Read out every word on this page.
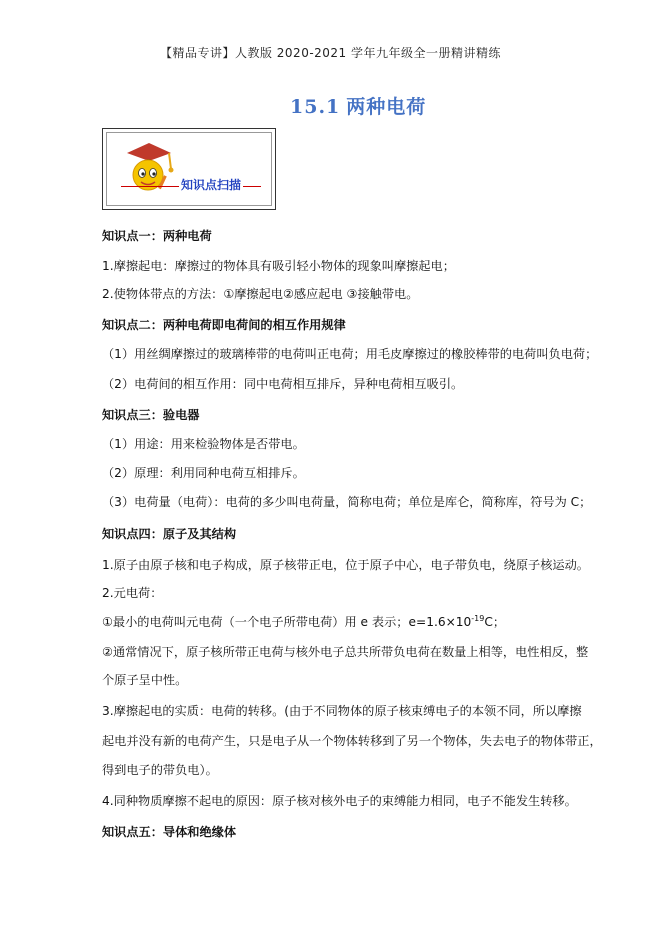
【精品专讲】人教版 2020-2021 学年九年级全一册精讲精练
15.1 两种电荷
知识点扫描
知识点一：两种电荷
1.摩擦起电：摩擦过的物体具有吸引轻小物体的现象叫摩擦起电；
2.使物体带点的方法：①摩擦起电②感应起电 ③接触带电。
知识点二：两种电荷即电荷间的相互作用规律
（1）用丝绸摩擦过的玻璃棒带的电荷叫正电荷；用毛皮摩擦过的橡胶棒带的电荷叫负电荷；
（2）电荷间的相互作用：同中电荷相互排斥，异种电荷相互吸引。
知识点三：验电器
（1）用途：用来检验物体是否带电。
（2）原理：利用同种电荷互相排斥。
（3）电荷量（电荷）：电荷的多少叫电荷量，简称电荷；单位是库仑，简称库，符号为 C；
知识点四：原子及其结构
1.原子由原子核和电子构成，原子核带正电，位于原子中心，电子带负电，绕原子核运动。
2.元电荷：
①最小的电荷叫元电荷（一个电子所带电荷）用 e 表示；$e=1.6\times 10^{-19}C$；
②通常情况下，原子核所带正电荷与核外电子总共所带负电荷在数量上相等，电性相反，整
个原子呈中性。
3.摩擦起电的实质：电荷的转移。(由于不同物体的原子核束缚电子的本领不同，所以摩擦
起电并没有新的电荷产生，只是电子从一个物体转移到了另一个物体，失去电子的物体带正，
得到电子的带负电）。
4.同种物质摩擦不起电的原因：原子核对核外电子的束缚能力相同，电子不能发生转移。
知识点五：导体和绝缘体
